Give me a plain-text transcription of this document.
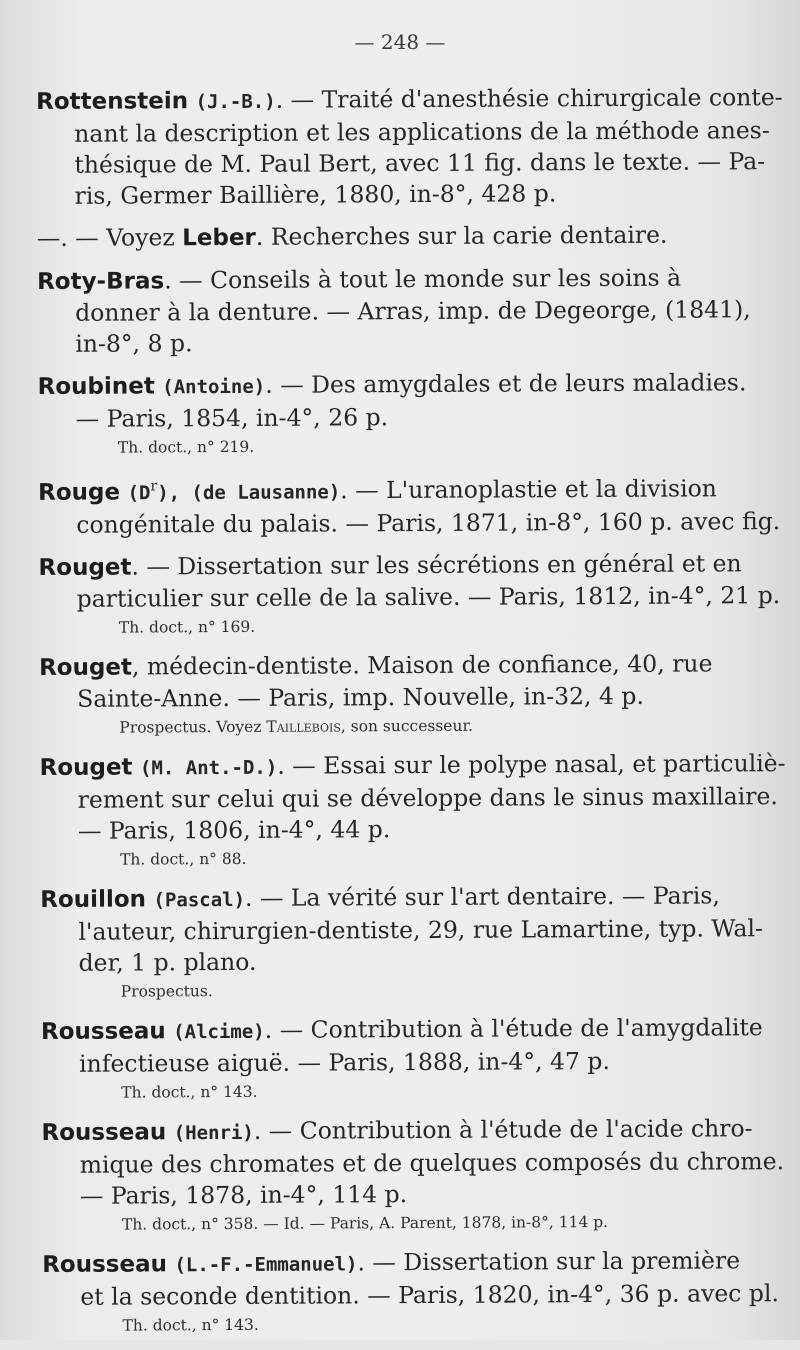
— 248 —
Rottenstein (J.-B.). — Traité d'anesthésie chirurgicale conte-
nant la description et les applications de la méthode anes-
thésique de M. Paul Bert, avec 11 fig. dans le texte. — Pa-
ris, Germer Baillière, 1880, in-8°, 428 p.
—. — Voyez Leber. Recherches sur la carie dentaire.
Roty-Bras. — Conseils à tout le monde sur les soins à
donner à la denture. — Arras, imp. de Degeorge, (1841),
in-8°, 8 p.
Roubinet (Antoine). — Des amygdales et de leurs maladies.
— Paris, 1854, in-4°, 26 p.
Th. doct., n° 219.
Rouge $(D^r)$, (de Lausanne). — L'uranoplastie et la division
congénitale du palais. — Paris, 1871, in-8°, 160 p. avec fig.
Rouget. — Dissertation sur les sécrétions en général et en
particulier sur celle de la salive. — Paris, 1812, in-4°, 21 p.
Th. doct., n° 169.
Rouget, médecin-dentiste. Maison de confiance, 40, rue
Sainte-Anne. — Paris, imp. Nouvelle, in-32, 4 p.
Prospectus. Voyez Taillebois, son successeur.
Rouget (M. Ant.-D.). — Essai sur le polype nasal, et particuliè-
rement sur celui qui se développe dans le sinus maxillaire.
— Paris, 1806, in-4°, 44 p.
Th. doct., n° 88.
Rouillon (Pascal). — La vérité sur l'art dentaire. — Paris,
l'auteur, chirurgien-dentiste, 29, rue Lamartine, typ. Wal-
der, 1 p. plano.
Prospectus.
Rousseau (Alcime). — Contribution à l'étude de l'amygdalite
infectieuse aiguë. — Paris, 1888, in-4°, 47 p.
Th. doct., n° 143.
Rousseau (Henri). — Contribution à l'étude de l'acide chro-
mique des chromates et de quelques composés du chrome.
— Paris, 1878, in-4°, 114 p.
Th. doct., n° 358. — Id. — Paris, A. Parent, 1878, in-8°, 114 p.
Rousseau (L.-F.-Emmanuel). — Dissertation sur la première
et la seconde dentition. — Paris, 1820, in-4°, 36 p. avec pl.
Th. doct., n° 143.
